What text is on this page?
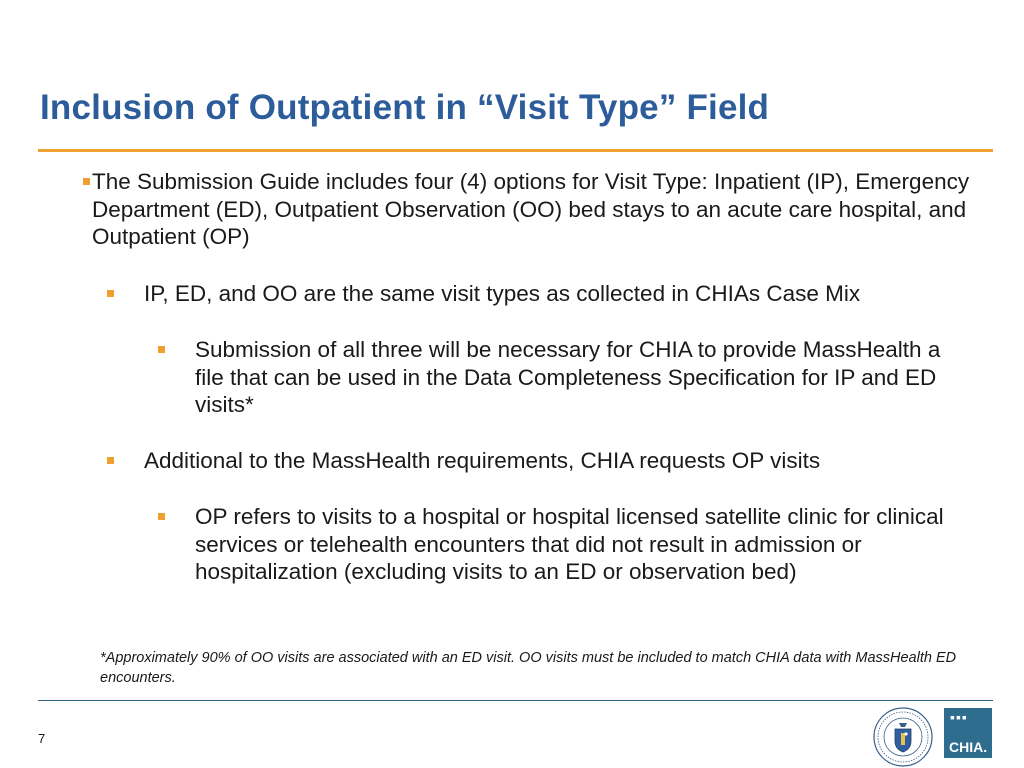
Inclusion of Outpatient in “Visit Type” Field
The Submission Guide includes four (4) options for Visit Type: Inpatient (IP), Emergency Department (ED), Outpatient Observation (OO) bed stays to an acute care hospital, and Outpatient (OP)
IP, ED, and OO are the same visit types as collected in CHIAs Case Mix
Submission of all three will be necessary for CHIA to provide MassHealth a file that can be used in the Data Completeness Specification for IP and ED visits*
Additional to the MassHealth requirements, CHIA requests OP visits
OP refers to visits to a hospital or hospital licensed satellite clinic for clinical services or telehealth encounters that did not result in admission or hospitalization (excluding visits to an ED or observation bed)
*Approximately 90% of OO visits are associated with an ED visit. OO visits must be included to match CHIA data with MassHealth ED encounters.
7
▪▪▪
CHIA.
